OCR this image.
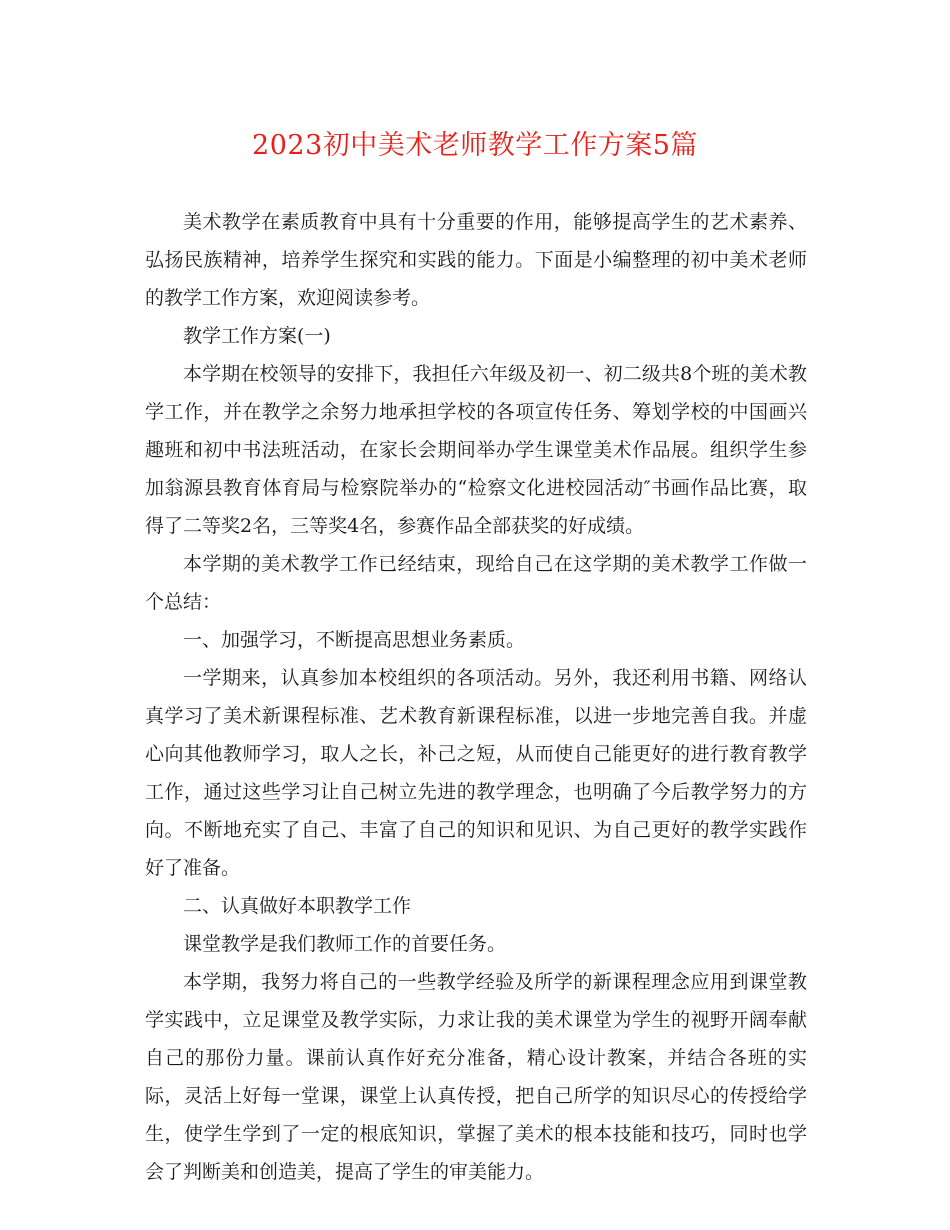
2023初中美术老师教学工作方案5篇

美术教学在素质教育中具有十分重要的作用，能够提高学生的艺术素养、弘扬民族精神，培养学生探究和实践的能力。下面是小编整理的初中美术老师的教学工作方案，欢迎阅读参考。

教学工作方案(一)

本学期在校领导的安排下，我担任六年级及初一、初二级共8个班的美术教学工作，并在教学之余努力地承担学校的各项宣传任务、筹划学校的中国画兴趣班和初中书法班活动，在家长会期间举办学生课堂美术作品展。组织学生参加翁源县教育体育局与检察院举办的“检察文化进校园活动″书画作品比赛，取得了二等奖2名，三等奖4名，参赛作品全部获奖的好成绩。

本学期的美术教学工作已经结束，现给自己在这学期的美术教学工作做一个总结：

一、加强学习，不断提高思想业务素质。

一学期来，认真参加本校组织的各项活动。另外，我还利用书籍、网络认真学习了美术新课程标准、艺术教育新课程标准，以进一步地完善自我。并虚心向其他教师学习，取人之长，补己之短，从而使自己能更好的进行教育教学工作，通过这些学习让自己树立先进的教学理念，也明确了今后教学努力的方向。不断地充实了自己、丰富了自己的知识和见识、为自己更好的教学实践作好了准备。

二、认真做好本职教学工作

课堂教学是我们教师工作的首要任务。

本学期，我努力将自己的一些教学经验及所学的新课程理念应用到课堂教学实践中，立足课堂及教学实际，力求让我的美术课堂为学生的视野开阔奉献自己的那份力量。课前认真作好充分准备，精心设计教案，并结合各班的实际，灵活上好每一堂课，课堂上认真传授，把自己所学的知识尽心的传授给学生，使学生学到了一定的根底知识，掌握了美术的根本技能和技巧，同时也学会了判断美和创造美，提高了学生的审美能力。
